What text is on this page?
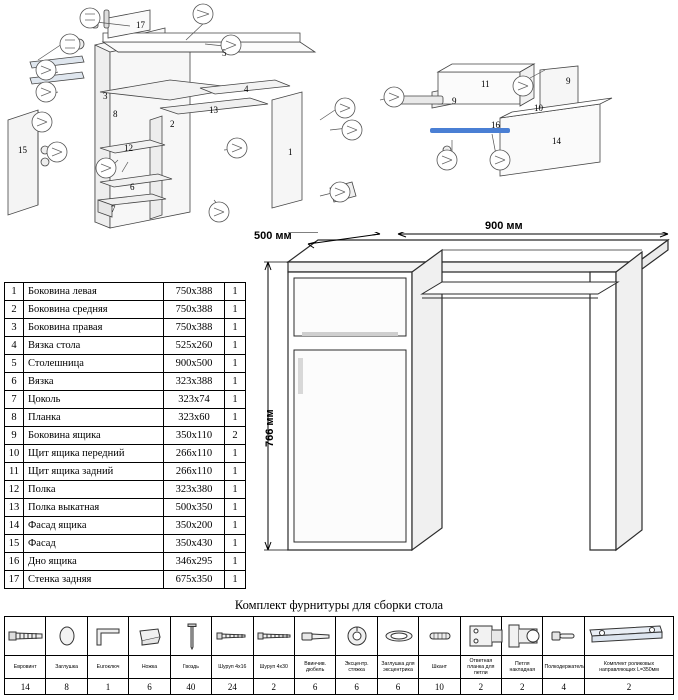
17
5
3
4
13
8
2
12	1
15
6
7
9
11	9
10
16
14
500 мм
900 мм
766 мм
1	Боковина левая	750х388	1
2	Боковина средняя	750х388	1
3	Боковина правая	750х388	1
4	Вязка стола	525х260	1
5	Столешница	900х500	1
6	Вязка	323х388	1
7	Цоколь	323х74	1
8	Планка	323х60	1
9	Боковина ящика	350х110	2
10	Щит ящика передний	266х110	1
11	Щит ящика задний	266х110	1
12	Полка	323х380	1
13	Полка выкатная	500х350	1
14	Фасад ящика	350х200	1
15	Фасад	350х430	1
16	Дно ящика	346х295	1
17	Стенка задняя	675х350	1
Комплект фурнитуры для сборки стола

Евровинт	Заглушка	Euroключ	Ножка	Гвоздь	Шуруп 4х16	Шуруп 4х30	Ввинчив. дюбель	Эксцентр. стяжка	Заглушка для эксцентрика	Шкант	Ответная планка для петли	Петля накладная	Полкодержатель	Комплект роликовых направляющих L=350мм
14	8	1	6	40	24	2	6	6	6	10	2	2	4	2
